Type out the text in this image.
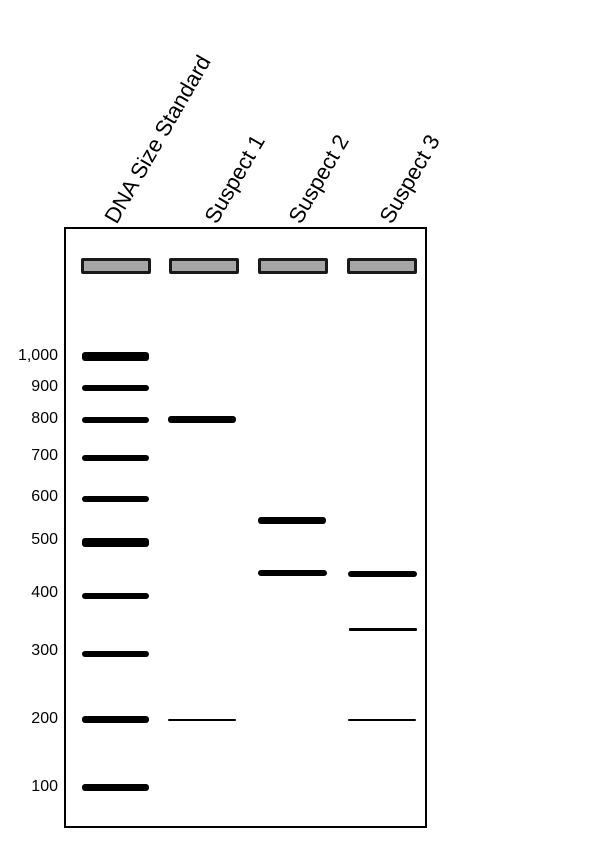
DNA Size Standard
Suspect 1 Suspect 2 Suspect 3
1,000
900
800
700
600
500
400
300
200
100
